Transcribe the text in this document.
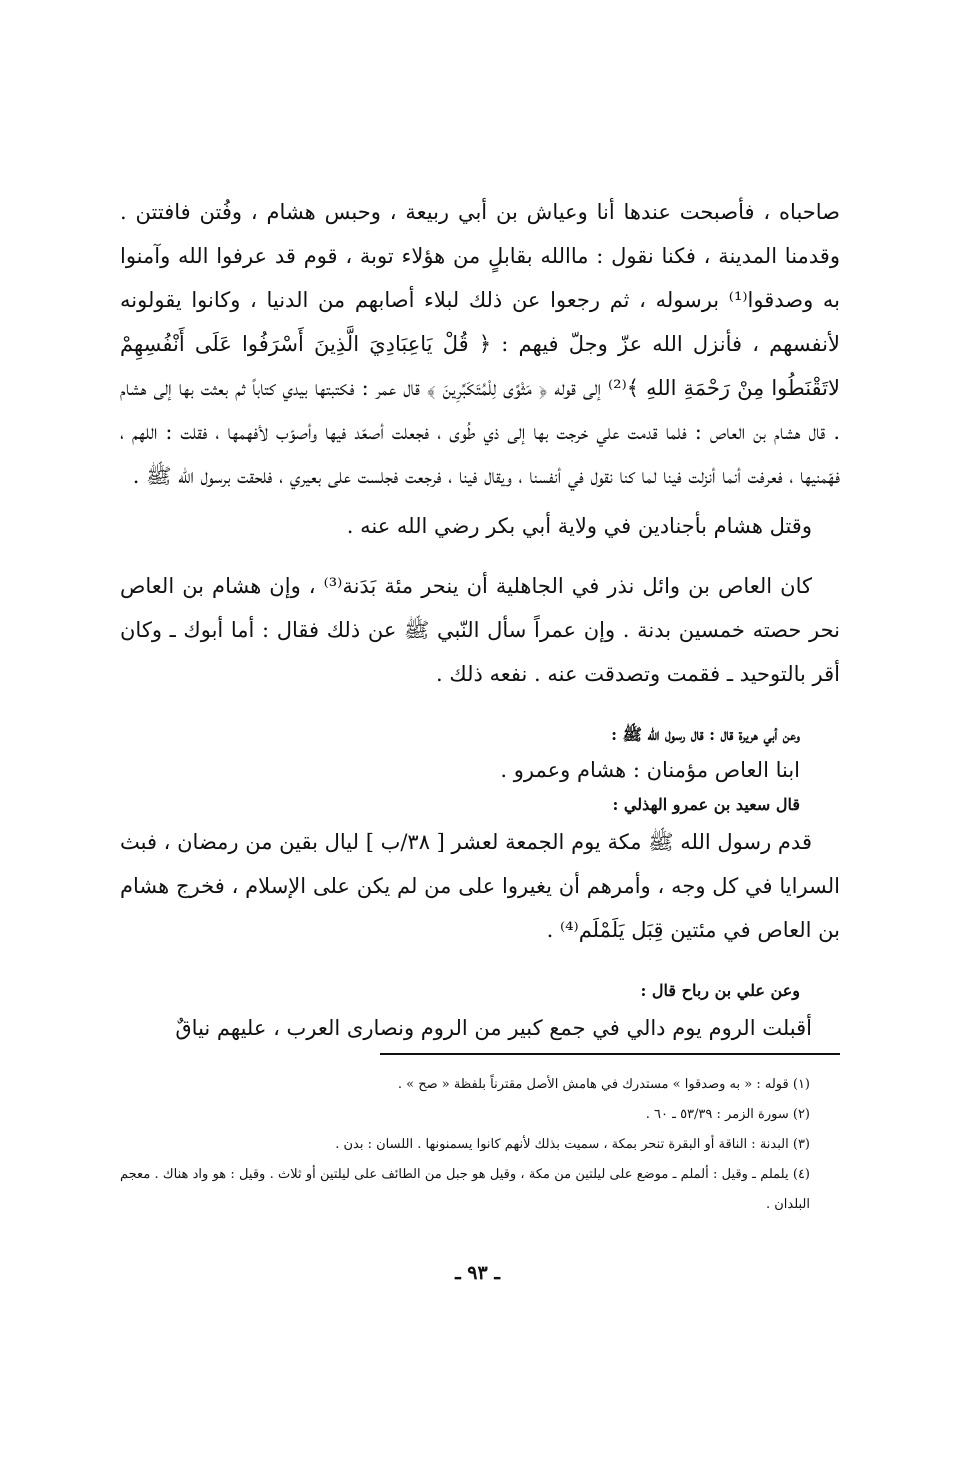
صاحباه ، فأصبحت عندها أنا وعياش بن أبي ربيعة ، وحبس هشام ، وفُتن فافتتن . وقدمنا المدينة ، فكنا نقول : ماالله بقابلٍ من هؤلاء توبة ، قوم قد عرفوا الله وآمنوا به وصدقوا⁽¹⁾ برسوله ، ثم رجعوا عن ذلك لبلاء أصابهم من الدنيا ، وكانوا يقولونه لأنفسهم ، فأنزل الله عزّ وجلّ فيهم : ﴿ قُلْ يَاعِبَادِيَ الَّذِينَ أَسْرَفُوا عَلَى أَنْفُسِهِمْ لاتَقْنَطُوا مِنْ رَحْمَةِ اللهِ ﴾⁽²⁾ إلى قوله ﴿ مَثْوًى لِلْمُتَكَبِّرِينَ ﴾ قال عمر : فكتبتها بيدي كتاباً ثم بعثت بها إلى هشام . قال هشام بن العاص : فلما قدمت علي خرجت بها إلى ذي طُوى ، فجعلت أصعّد فيها وأصوّب لأفهمها ، فقلت : اللهم ، فهّمنيها ، فعرفت أنما أنزلت فينا لما كنا نقول في أنفسنا ، ويقال فينا ، فرجعت فجلست على بعيري ، فلحقت برسول الله ﷺ .

وقتل هشام بأجنادين في ولاية أبي بكر رضي الله عنه .

كان العاص بن وائل نذر في الجاهلية أن ينحر مئة بَدَنة⁽³⁾ ، وإن هشام بن العاص نحر حصته خمسين بدنة . وإن عمراً سأل النّبي ﷺ عن ذلك فقال : أما أبوك ـ وكان أقر بالتوحيد ـ فقمت وتصدقت عنه . نفعه ذلك .

وعن أبي هريرة قال : قال رسول الله ﷺ :

ابنا العاص مؤمنان : هشام وعمرو .

قال سعيد بن عمرو الهذلي :

قدم رسول الله ﷺ مكة يوم الجمعة لعشر [ ٣٨/ب ] ليال بقين من رمضان ، فبث السرايا في كل وجه ، وأمرهم أن يغيروا على من لم يكن على الإسلام ، فخرج هشام بن العاص في مئتين قِبَل يَلَمْلَم⁽⁴⁾ .

وعن علي بن رباح قال :

أقبلت الروم يوم دالي في جمع كبير من الروم ونصارى العرب ، عليهم نياقٌ

(١) قوله : « به وصدقوا » مستدرك في هامش الأصل مقترناً بلفظة « صح » .

(٢) سورة الزمر : ٥٣/٣٩ ـ ٦٠ .

(٣) البدنة : الناقة أو البقرة تنحر بمكة ، سميت بذلك لأنهم كانوا يسمنونها . اللسان : بدن .

(٤) يلملم ـ وقيل : ألملم ـ موضع على ليلتين من مكة ، وقيل هو جبل من الطائف على ليلتين أو ثلاث . وقيل : هو واد هناك . معجم البلدان .

ـ ٩٣ ـ
